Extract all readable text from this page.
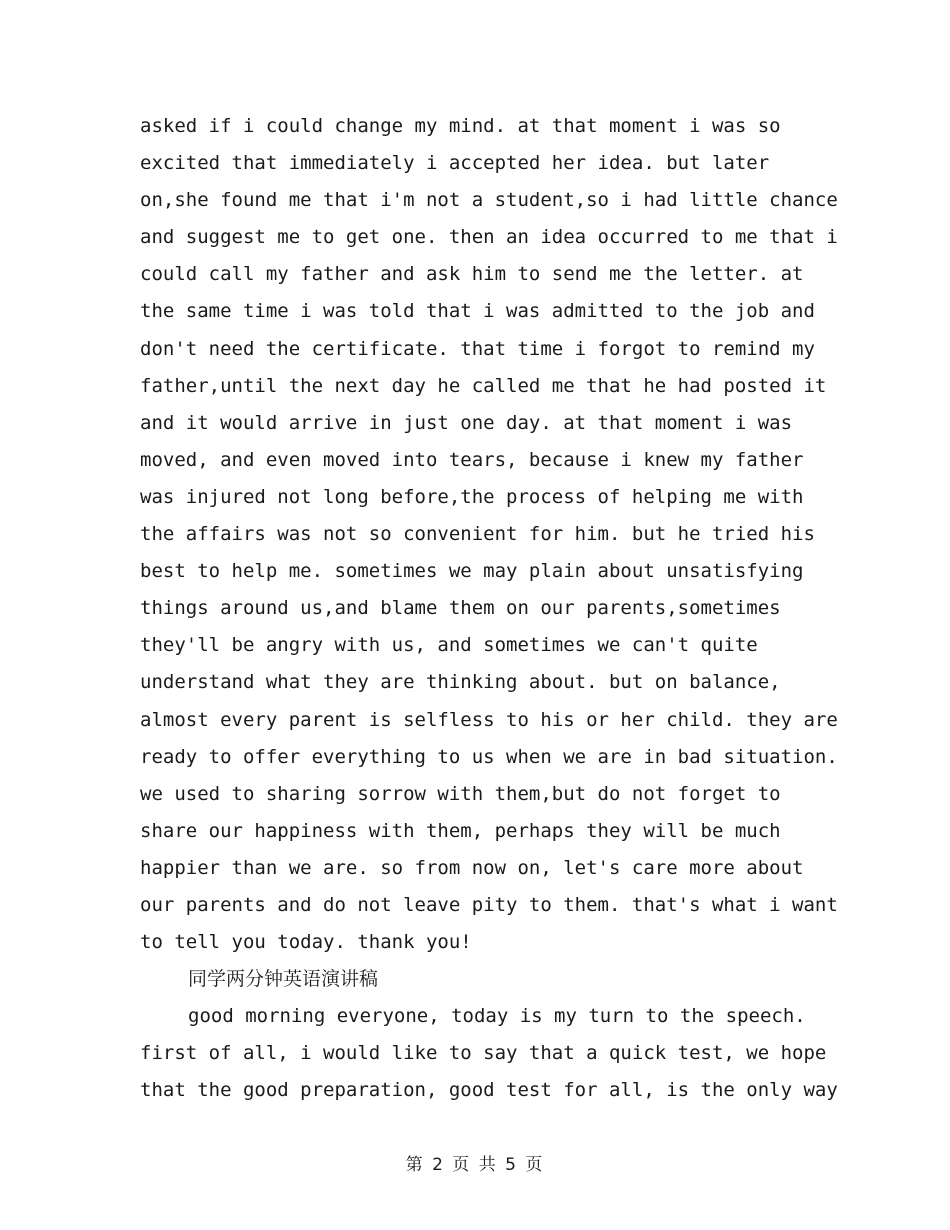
asked if i could change my mind. at that moment i was so
excited that immediately i accepted her idea. but later
on,she found me that i'm not a student,so i had little chance
and suggest me to get one. then an idea occurred to me that i
could call my father and ask him to send me the letter. at
the same time i was told that i was admitted to the job and
don't need the certificate. that time i forgot to remind my
father,until the next day he called me that he had posted it
and it would arrive in just one day. at that moment i was
moved, and even moved into tears, because i knew my father
was injured not long before,the process of helping me with
the affairs was not so convenient for him. but he tried his
best to help me. sometimes we may plain about unsatisfying
things around us,and blame them on our parents,sometimes
they'll be angry with us, and sometimes we can't quite
understand what they are thinking about. but on balance,
almost every parent is selfless to his or her child. they are
ready to offer everything to us when we are in bad situation.
we used to sharing sorrow with them,but do not forget to
share our happiness with them, perhaps they will be much
happier than we are. so from now on, let's care more about
our parents and do not leave pity to them. that's what i want
to tell you today. thank you!
同学两分钟英语演讲稿
good morning everyone, today is my turn to the speech.
first of all, i would like to say that a quick test, we hope
that the good preparation, good test for all, is the only way
第 2 页 共 5 页
